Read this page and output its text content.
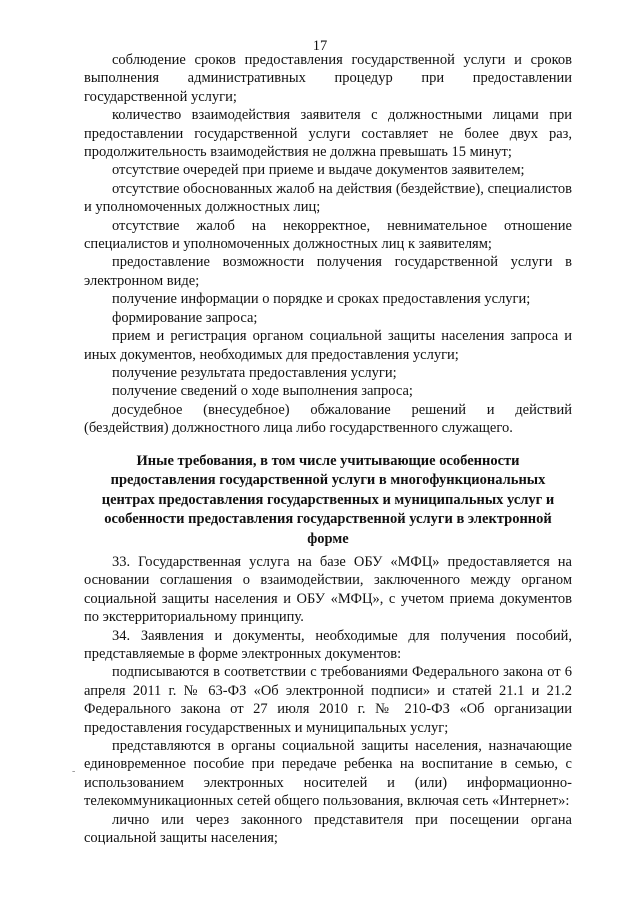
17

соблюдение сроков предоставления государственной услуги и сроков выполнения административных процедур при предоставлении государственной услуги;

количество взаимодействия заявителя с должностными лицами при предоставлении государственной услуги составляет не более двух раз, продолжительность взаимодействия не должна превышать 15 минут;

отсутствие очередей при приеме и выдаче документов заявителем;

отсутствие обоснованных жалоб на действия (бездействие), специалистов и уполномоченных должностных лиц;

отсутствие жалоб на некорректное, невнимательное отношение специалистов и уполномоченных должностных лиц к заявителям;

предоставление возможности получения государственной услуги в электронном виде;

получение информации о порядке и сроках предоставления услуги;

формирование запроса;

прием и регистрация органом социальной защиты населения запроса и иных документов, необходимых для предоставления услуги;

получение результата предоставления услуги;

получение сведений о ходе выполнения запроса;

досудебное (внесудебное) обжалование решений и действий (бездействия) должностного лица либо государственного служащего.

Иные требования, в том числе учитывающие особенности предоставления государственной услуги в многофункциональных центрах предоставления государственных и муниципальных услуг и особенности предоставления государственной услуги в электронной форме

33. Государственная услуга на базе ОБУ «МФЦ» предоставляется на основании соглашения о взаимодействии, заключенного между органом социальной защиты населения и ОБУ «МФЦ», с учетом приема документов по экстерриториальному принципу.

34. Заявления и документы, необходимые для получения пособий, представляемые в форме электронных документов:

подписываются в соответствии с требованиями Федерального закона от 6 апреля 2011 г. № 63-ФЗ «Об электронной подписи» и статей 21.1 и 21.2 Федерального закона от 27 июля 2010 г. № 210-ФЗ «Об организации предоставления государственных и муниципальных услуг;

представляются в органы социальной защиты населения, назначающие единовременное пособие при передаче ребенка на воспитание в семью, с использованием электронных носителей и (или) информационно-телекоммуникационных сетей общего пользования, включая сеть «Интернет»:

лично или через законного представителя при посещении органа социальной защиты населения;

-
